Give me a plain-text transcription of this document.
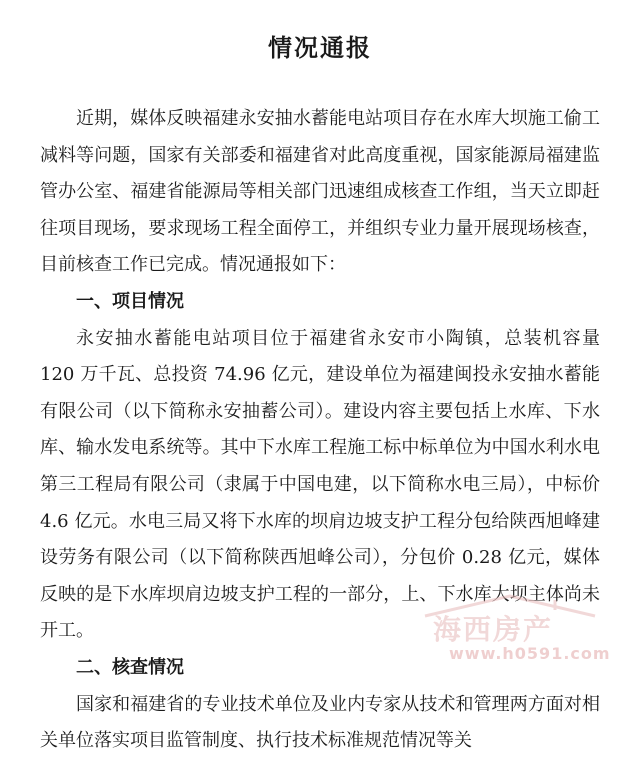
情况通报

近期，媒体反映福建永安抽水蓄能电站项目存在水库大坝施工偷工减料等问题，国家有关部委和福建省对此高度重视，国家能源局福建监管办公室、福建省能源局等相关部门迅速组成核查工作组，当天立即赶往项目现场，要求现场工程全面停工，并组织专业力量开展现场核查，目前核查工作已完成。情况通报如下：

一、项目情况

永安抽水蓄能电站项目位于福建省永安市小陶镇，总装机容量 120 万千瓦、总投资 74.96 亿元，建设单位为福建闽投永安抽水蓄能有限公司（以下简称永安抽蓄公司）。建设内容主要包括上水库、下水库、输水发电系统等。其中下水库工程施工标中标单位为中国水利水电第三工程局有限公司（隶属于中国电建，以下简称水电三局），中标价 4.6 亿元。水电三局又将下水库的坝肩边坡支护工程分包给陕西旭峰建设劳务有限公司（以下简称陕西旭峰公司），分包价 0.28 亿元，媒体反映的是下水库坝肩边坡支护工程的一部分，上、下水库大坝主体尚未开工。

二、核查情况

国家和福建省的专业技术单位及业内专家从技术和管理两方面对相关单位落实项目监管制度、执行技术标准规范情况等关

海西房产
www.h0591.com
